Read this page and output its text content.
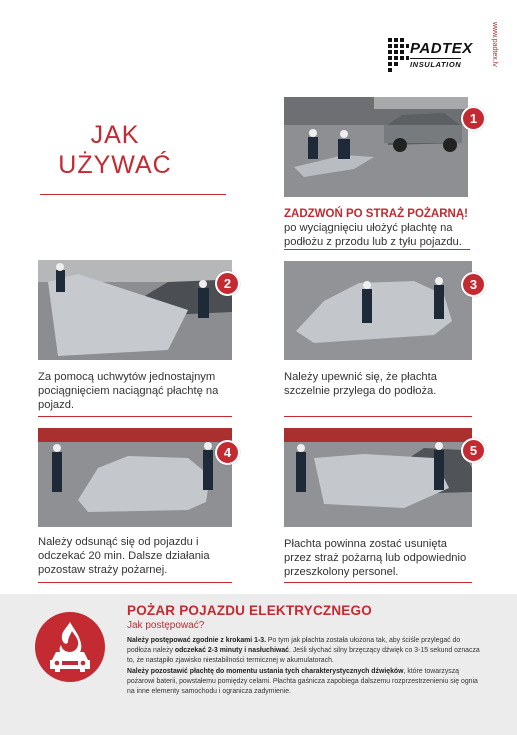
PADTEX
INSULATION	www.padtex.lv
JAK
UŻYWAĆ
1
ZADZWOŃ PO STRAŻ POŻARNĄ!
po wyciągnięciu ułożyć płachtę na podłożu z przodu lub z tyłu pojazdu.
2
Za pomocą uchwytów jednostajnym pociągnięciem naciągnąć płachtę na pojazd.
3
Należy upewnić się, że płachta szczelnie przylega do podłoża.
4
Należy odsunąć się od pojazdu i odczekać 20 min. Dalsze działania pozostaw straży pożarnej.
5
Płachta powinna zostać usunięta przez straż pożarną lub odpowiednio przeszkolony personel.
POŻAR POJAZDU ELEKTRYCZNEGO
Jak postępować?
Należy postępować zgodnie z krokami 1-3. Po tym jak płachta została ułożona tak, aby ściśle przylegać do podłoża należy odczekać 2-3 minuty i nasłuchiwać. Jeśli słychać silny brzęczący dźwięk co 3-15 sekund oznacza to, że nastąpiło zjawisko niestabilności termicznej w akumulatorach.
Należy pozostawić płachtę do momentu ustania tych charakterystycznych dźwięków, które towarzyszą pożarowi baterii, powstałemu pomiędzy celami. Płachta gaśnicza zapobiega dalszemu rozprzestrzenieniu się ognia na inne elementy samochodu i ogranicza zadymienie.
